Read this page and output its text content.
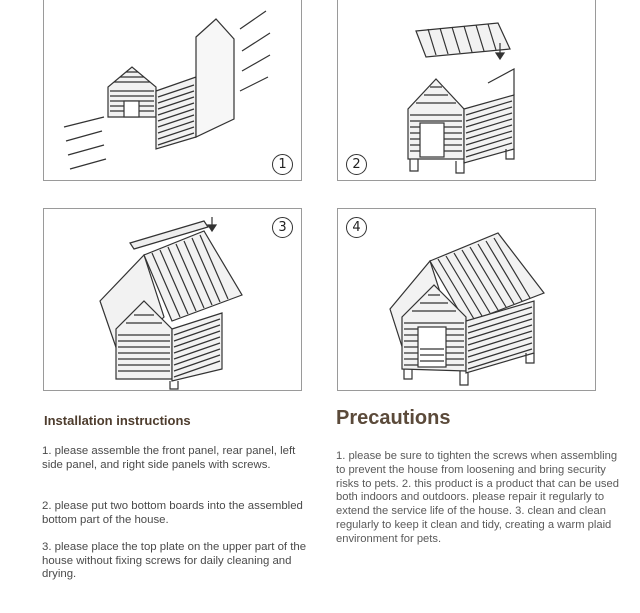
1	2
3	4
Installation instructions

1. please assemble the front panel, rear panel, left side panel, and right side panels with screws.

2. please put two bottom boards into the assembled bottom part of the house.

3. please place the top plate on the upper part of the house without fixing screws for daily cleaning and drying.

Precautions

1. please be sure to tighten the screws when assembling to prevent the house from loosening and bring security risks to pets. 2. this product is a product that can be used both indoors and outdoors. please repair it regularly to extend the service life of the house. 3. clean and clean regularly to keep it clean and tidy, creating a warm plaid environment for pets.
